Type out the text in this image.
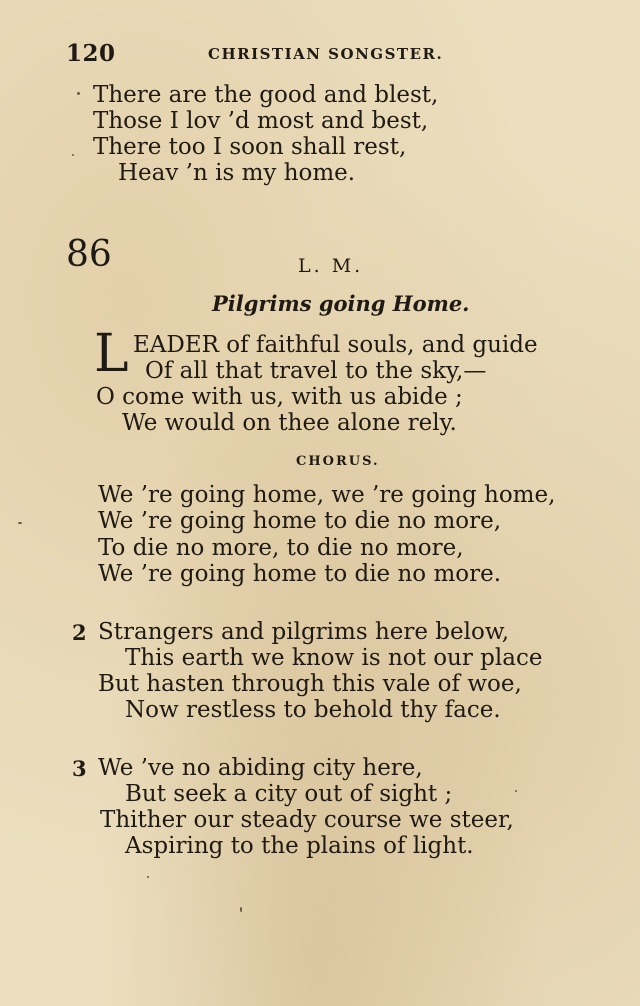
120	CHRISTIAN SONGSTER.
There are the good and blest,
Those I lov ’d most and best,
There too I soon shall rest,
Heav ’n is my home.
86	L. M.
Pilgrims going Home.
L EADER of faithful souls, and guide
Of all that travel to the sky,—
O come with us, with us abide ;
We would on thee alone rely.
CHORUS.
We ’re going home, we ’re going home,
We ’re going home to die no more,
To die no more, to die no more,
We ’re going home to die no more.
2 Strangers and pilgrims here below,
This earth we know is not our place
But hasten through this vale of woe,
Now restless to behold thy face.
3 We ’ve no abiding city here,
But seek a city out of sight ;
Thither our steady course we steer,
Aspiring to the plains of light.
